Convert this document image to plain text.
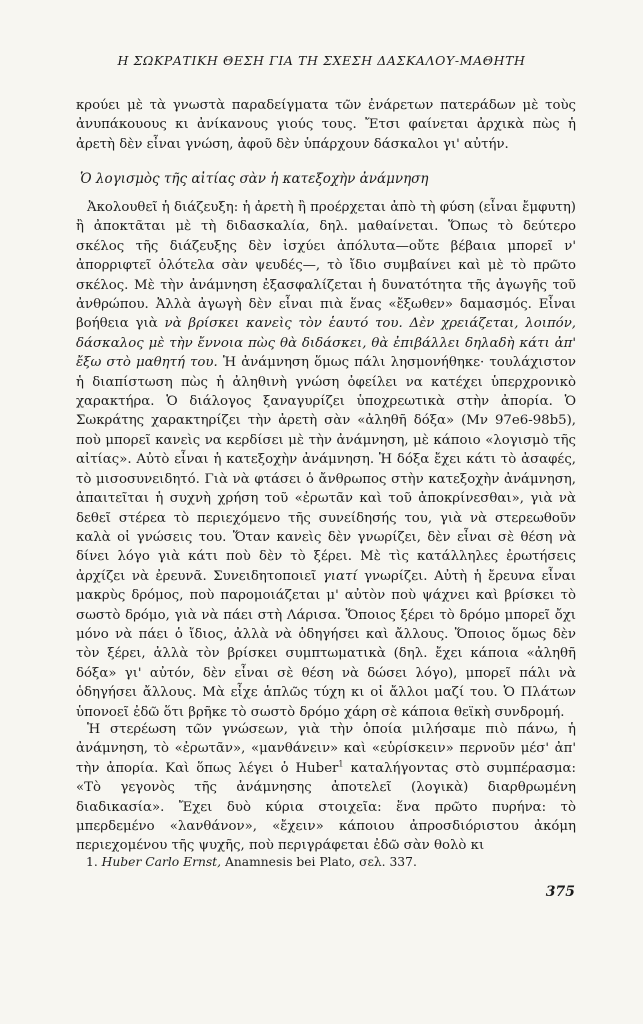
Η ΣΩΚΡΑΤΙΚΗ ΘΕΣΗ ΓΙΑ ΤΗ ΣΧΕΣΗ ΔΑΣΚΑΛΟΥ-ΜΑΘΗΤΗ

κρούει μὲ τὰ γνωστὰ παραδείγματα τῶν ἐνάρετων πατεράδων μὲ τοὺς ἀνυπάκουους κι ἀνίκανους γιούς τους. Ἔτσι φαίνεται ἀρχικὰ πὼς ἡ ἀρετὴ δὲν εἶναι γνώση, ἀφοῦ δὲν ὑπάρχουν δάσκαλοι γι' αὐτήν.

Ὁ λογισμὸς τῆς αἰτίας σὰν ἡ κατεξοχὴν ἀνάμνηση

Ἀκολουθεῖ ἡ διάζευξη: ἡ ἀρετὴ ἢ προέρχεται ἀπὸ τὴ φύση (εἶναι ἔμφυτη) ἢ ἀποκτᾶται μὲ τὴ διδασκαλία, δηλ. μαθαίνεται. Ὅπως τὸ δεύτερο σκέλος τῆς διάζευξης δὲν ἰσχύει ἀπόλυτα—οὔτε βέβαια μπορεῖ ν' ἀπορριφτεῖ ὁλότελα σὰν ψευδές—, τὸ ἴδιο συμβαίνει καὶ μὲ τὸ πρῶτο σκέλος. Μὲ τὴν ἀνάμνηση ἐξασφαλίζεται ἡ δυνατότητα τῆς ἀγωγῆς τοῦ ἀνθρώπου. Ἀλλὰ ἀγωγὴ δὲν εἶναι πιὰ ἕνας «ἔξωθεν» δαμασμός. Εἶναι βοήθεια γιὰ νὰ βρίσκει κανεὶς τὸν ἑαυτό του. Δὲν χρειάζεται, λοιπόν, δάσκαλος μὲ τὴν ἔννοια πὼς θὰ διδάσκει, θὰ ἐπιβάλλει δηλαδὴ κάτι ἀπ' ἔξω στὸ μαθητή του. Ἡ ἀνάμνηση ὅμως πάλι λησμονήθηκε· τουλάχιστον ἡ διαπίστωση πὼς ἡ ἀληθινὴ γνώση ὀφείλει να κατέχει ὑπερχρονικὸ χαρακτήρα. Ὁ διάλογος ξαναγυρίζει ὑποχρεωτικὰ στὴν ἀπορία. Ὁ Σωκράτης χαρακτηρίζει τὴν ἀρετὴ σὰν «ἀληθῆ δόξα» (Μν 97e6-98b5), ποὺ μπορεῖ κανεὶς να κερδίσει μὲ τὴν ἀνάμνηση, μὲ κάποιο «λογισμὸ τῆς αἰτίας». Αὐτὸ εἶναι ἡ κατεξοχὴν ἀνάμνηση. Ἡ δόξα ἔχει κάτι τὸ ἀσαφές, τὸ μισοσυνειδητό. Γιὰ νὰ φτάσει ὁ ἄνθρωπος στὴν κατεξοχὴν ἀνάμνηση, ἀπαιτεῖται ἡ συχνὴ χρήση τοῦ «ἐρωτᾶν καὶ τοῦ ἀποκρίνεσθαι», γιὰ νὰ δεθεῖ στέρεα τὸ περιεχόμενο τῆς συνείδησής του, γιὰ νὰ στερεωθοῦν καλὰ οἱ γνώσεις του. Ὅταν κανεὶς δὲν γνωρίζει, δὲν εἶναι σὲ θέση νὰ δίνει λόγο γιὰ κάτι ποὺ δὲν τὸ ξέρει. Μὲ τὶς κατάλληλες ἐρωτήσεις ἀρχίζει νὰ ἐρευνᾶ. Συνειδητοποιεῖ γιατί γνωρίζει. Αὐτὴ ἡ ἔρευνα εἶναι μακρὺς δρόμος, ποὺ παρομοιάζεται μ' αὐτὸν ποὺ ψάχνει καὶ βρίσκει τὸ σωστὸ δρόμο, γιὰ νὰ πάει στὴ Λάρισα. Ὅποιος ξέρει τὸ δρόμο μπορεῖ ὄχι μόνο νὰ πάει ὁ ἴδιος, ἀλλὰ νὰ ὁδηγήσει καὶ ἄλλους. Ὅποιος ὅμως δὲν τὸν ξέρει, ἀλλὰ τὸν βρίσκει συμπτωματικὰ (δηλ. ἔχει κάποια «ἀληθῆ δόξα» γι' αὐτόν, δὲν εἶναι σὲ θέση νὰ δώσει λόγο), μπορεῖ πάλι νὰ ὁδηγήσει ἄλλους. Μὰ εἶχε ἁπλῶς τύχη κι οἱ ἄλλοι μαζί του. Ὁ Πλάτων ὑπονοεῖ ἐδῶ ὅτι βρῆκε τὸ σωστὸ δρόμο χάρη σὲ κάποια θεϊκὴ συνδρομή.

Ἡ στερέωση τῶν γνώσεων, γιὰ τὴν ὁποία μιλήσαμε πιὸ πάνω, ἡ ἀνάμνηση, τὸ «ἐρωτᾶν», «μανθάνειν» καὶ «εὑρίσκειν» περνοῦν μέσ' ἀπ' τὴν ἀπορία. Καὶ ὅπως λέγει ὁ Huber$^1$ καταλήγοντας στὸ συμπέρασμα: «Τὸ γεγονὸς τῆς ἀνάμνησης ἀποτελεῖ (λογικὰ) διαρθρωμένη διαδικασία». Ἔχει δυὸ κύρια στοιχεῖα: ἕνα πρῶτο πυρήνα: τὸ μπερδεμένο «λανθάνον», «ἔχειν» κάποιου ἀπροσδιόριστου ἀκόμη περιεχομένου τῆς ψυχῆς, ποὺ περιγράφεται ἐδῶ σὰν θολὸ κι

1. Huber Carlo Ernst, Anamnesis bei Plato, σελ. 337.
375
